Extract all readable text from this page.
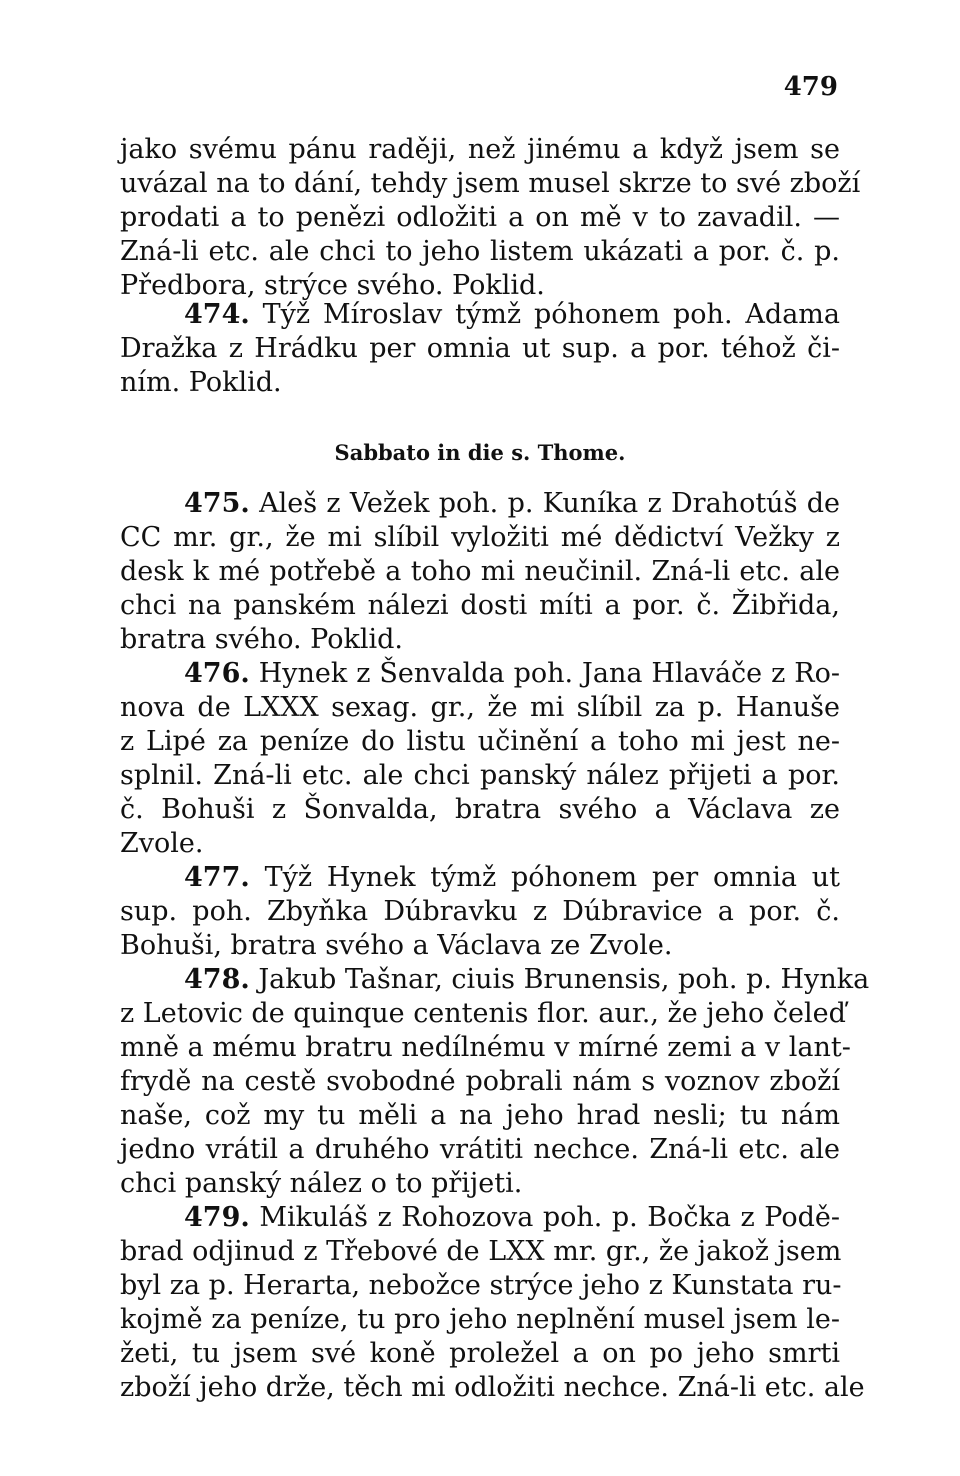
479
jako svému pánu raději, než jinému a když jsem se
uvázal na to dání, tehdy jsem musel skrze to své zboží
prodati a to penězi odložiti a on mě v to zavadil. —
Zná-li etc. ale chci to jeho listem ukázati a por. č. p.
Předbora, strýce svého. Poklid.
474. Týž Míroslav týmž póhonem poh. Adama
Dražka z Hrádku per omnia ut sup. a por. téhož či-
ním. Poklid.
Sabbato in die s. Thome.
475. Aleš z Vežek poh. p. Kuníka z Drahotúš de
CC mr. gr., že mi slíbil vyložiti mé dědictví Vežky z
desk k mé potřebě a toho mi neučinil. Zná-li etc. ale
chci na panském nálezi dosti míti a por. č. Žibřida,
bratra svého. Poklid.
476. Hynek z Šenvalda poh. Jana Hlaváče z Ro-
nova de LXXX sexag. gr., že mi slíbil za p. Hanuše
z Lipé za peníze do listu učinění a toho mi jest ne-
splnil. Zná-li etc. ale chci panský nález přijeti a por.
č. Bohuši z Šonvalda, bratra svého a Václava ze
Zvole.
477. Týž Hynek týmž póhonem per omnia ut
sup. poh. Zbyňka Dúbravku z Dúbravice a por. č.
Bohuši, bratra svého a Václava ze Zvole.
478. Jakub Tašnar, ciuis Brunensis, poh. p. Hynka
z Letovic de quinque centenis flor. aur., že jeho čeleď
mně a mému bratru nedílnému v mírné zemi a v lant-
frydě na cestě svobodné pobrali nám s voznov zboží
naše, což my tu měli a na jeho hrad nesli; tu nám
jedno vrátil a druhého vrátiti nechce. Zná-li etc. ale
chci panský nález o to přijeti.
479. Mikuláš z Rohozova poh. p. Bočka z Podě-
brad odjinud z Třebové de LXX mr. gr., že jakož jsem
byl za p. Herarta, nebožce strýce jeho z Kunstata ru-
kojmě za peníze, tu pro jeho neplnění musel jsem le-
žeti, tu jsem své koně proležel a on po jeho smrti
zboží jeho drže, těch mi odložiti nechce. Zná-li etc. ale
